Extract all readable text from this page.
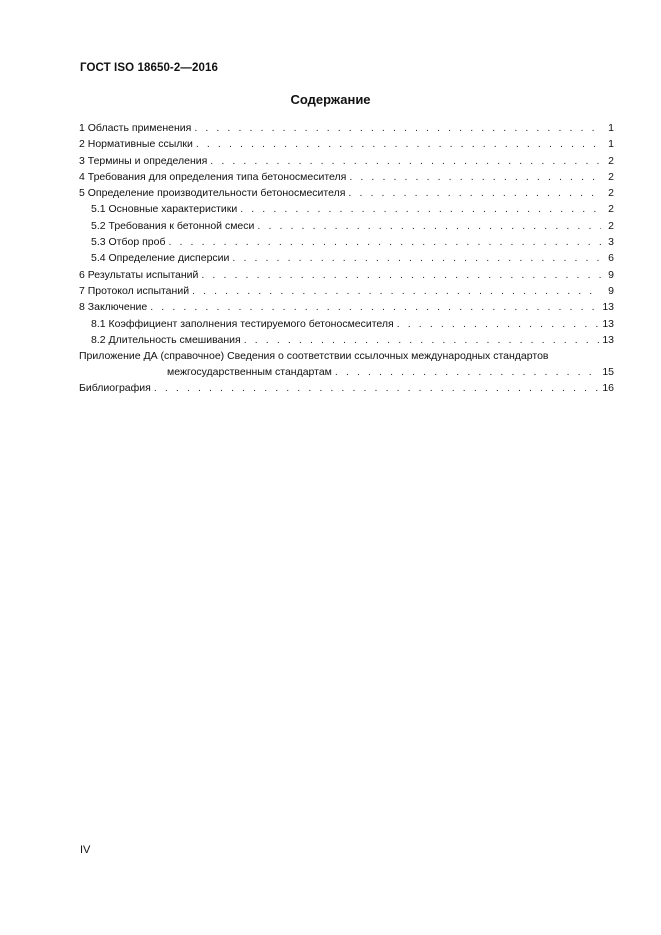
ГОСТ ISO 18650-2—2016
Содержание
1 Область применения . . .	1
2 Нормативные ссылки . . .	1
3 Термины и определения . . .	2
4 Требования для определения типа бетоносмесителя . . .	2
5 Определение производительности бетоносмесителя . . .	2
5.1 Основные характеристики . . .	2
5.2 Требования к бетонной смеси . . .	2
5.3 Отбор проб . . .	3
5.4 Определение дисперсии . . .	6
6 Результаты испытаний . . .	9
7 Протокол испытаний . . .	9
8 Заключение . . .	13
8.1 Коэффициент заполнения тестируемого бетоносмесителя . . .	13
8.2 Длительность смешивания . . .	13
Приложение ДА (справочное) Сведения о соответствии ссылочных международных стандартов
межгосударственным стандартам . . .	15
Библиография . . .	16
IV
